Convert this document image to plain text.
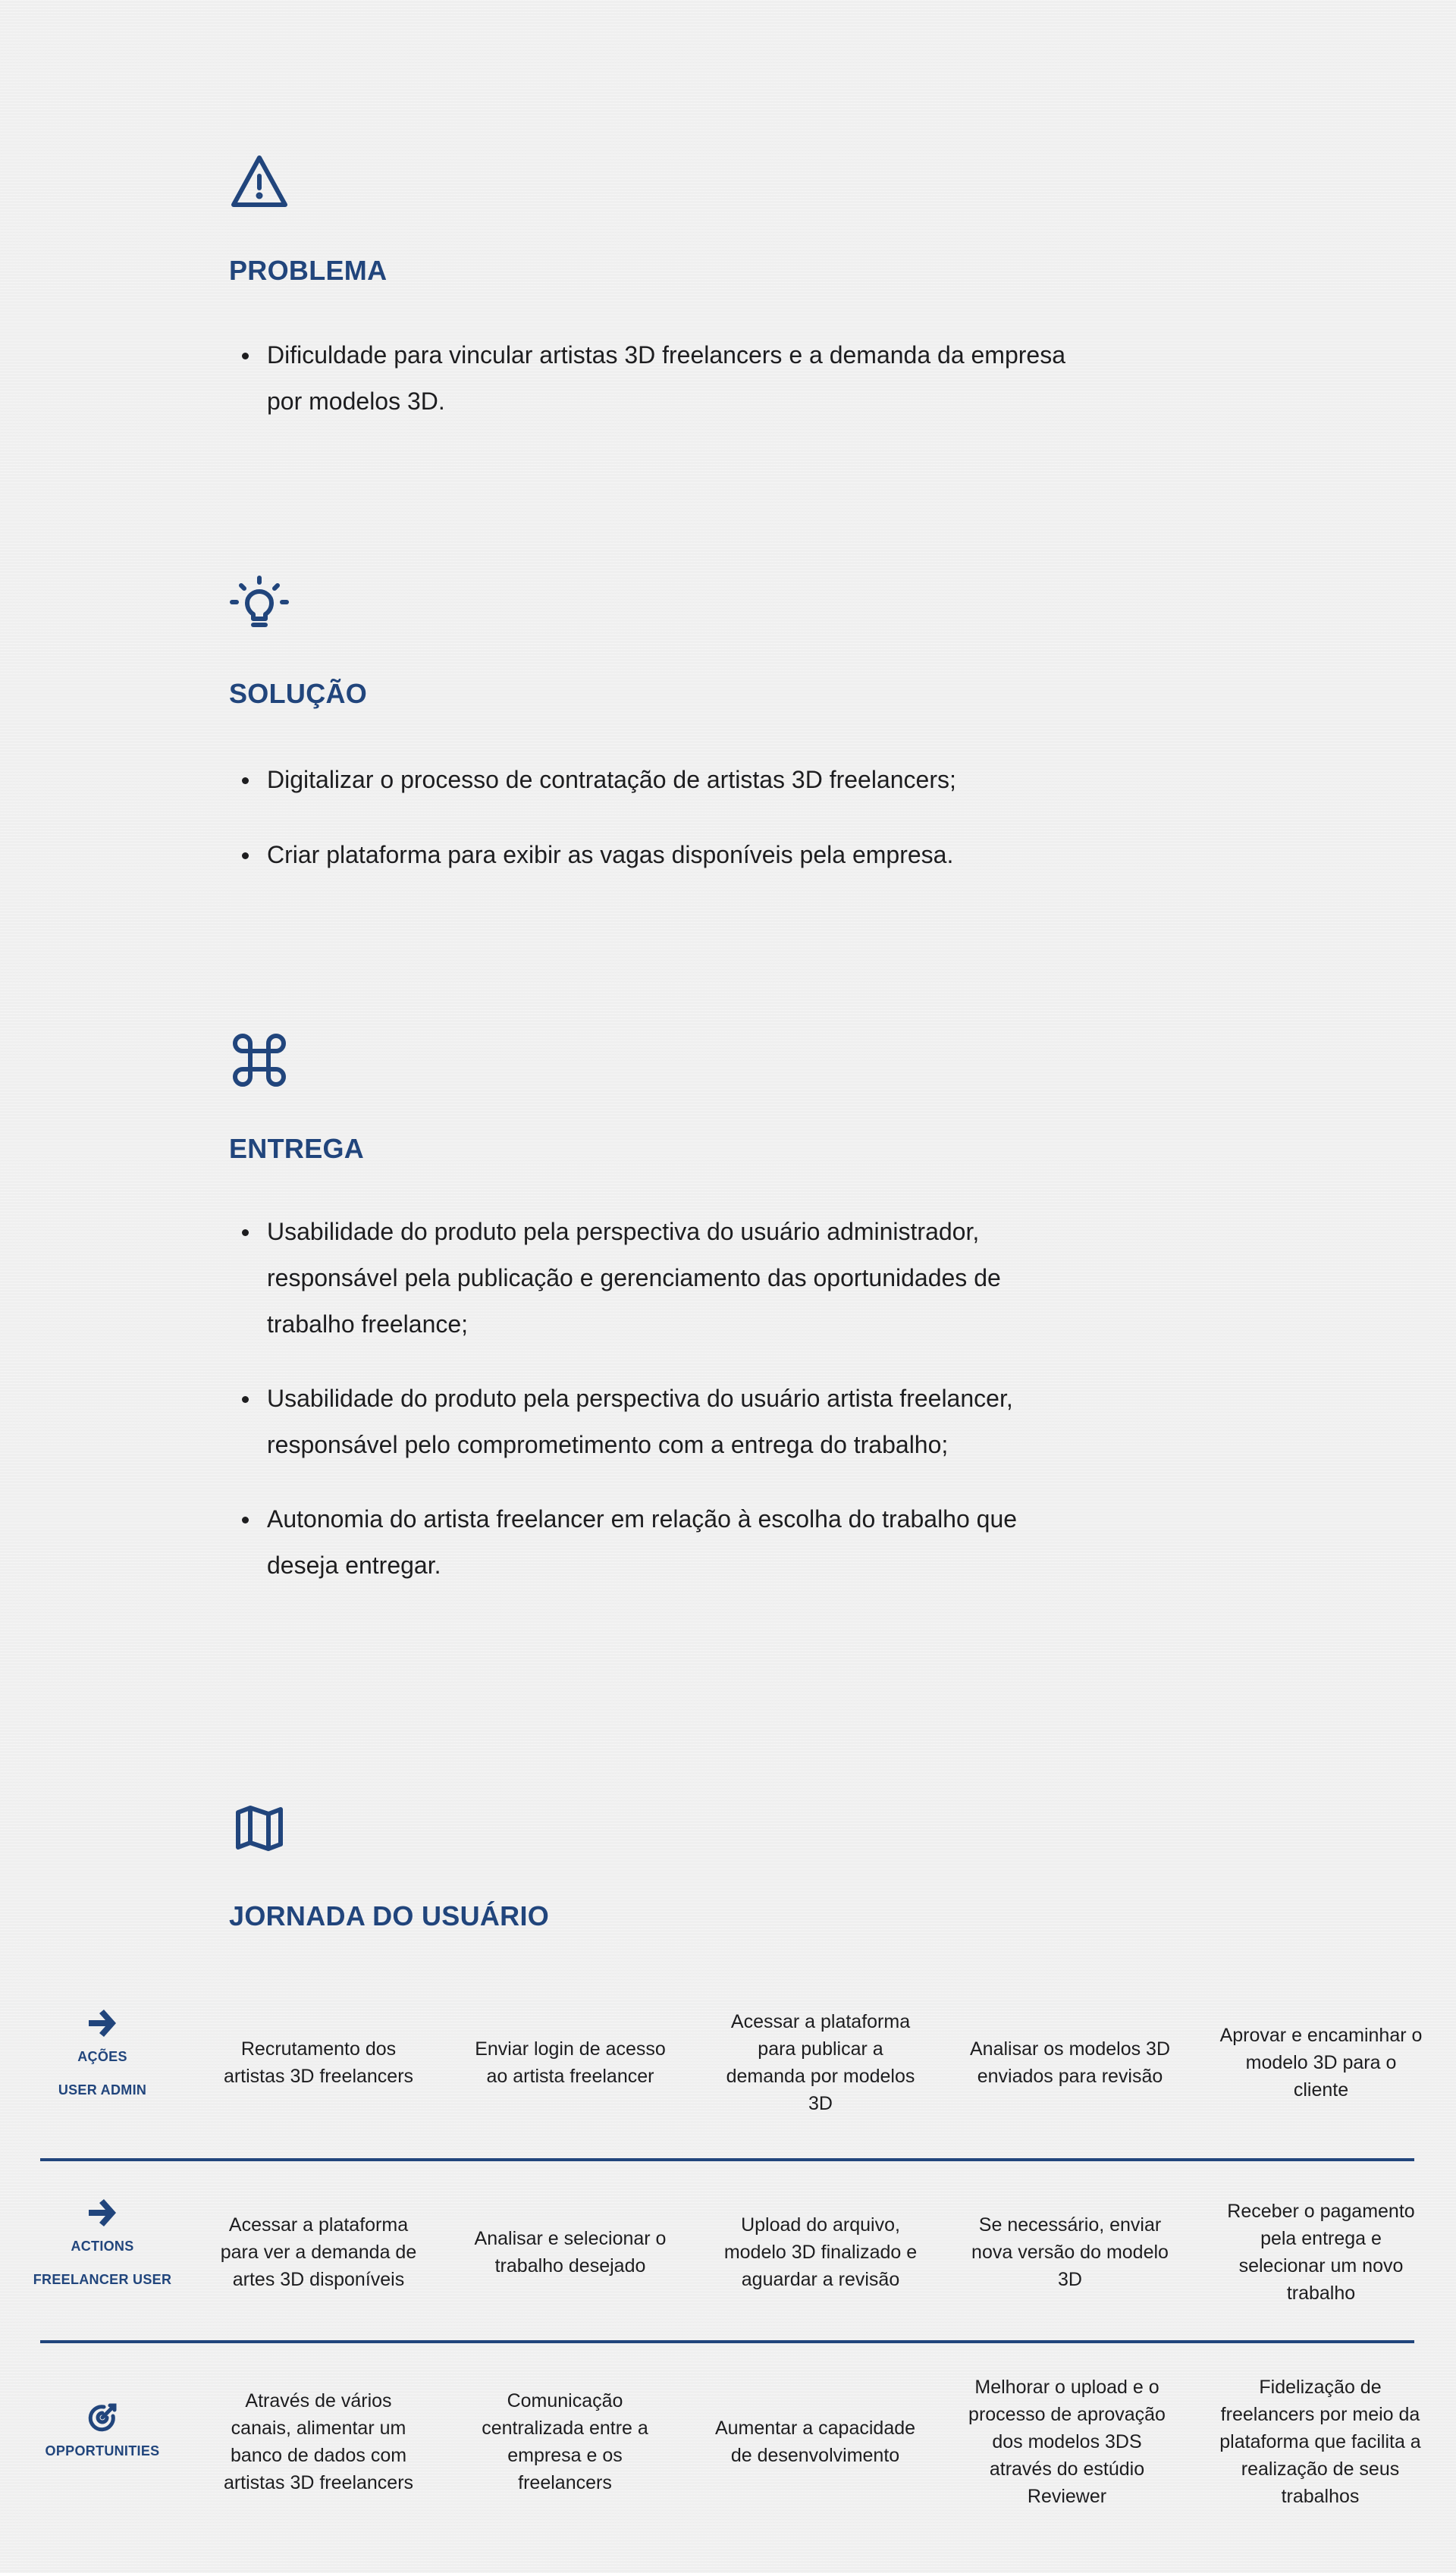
PROBLEMA
Dificuldade para vincular artistas 3D freelancers e a demanda da empresa por modelos 3D.
SOLUÇÃO
Digitalizar o processo de contratação de artistas 3D freelancers;
Criar plataforma para exibir as vagas disponíveis pela empresa.
ENTREGA
Usabilidade do produto pela perspectiva do usuário administrador, responsável pela publicação e gerenciamento das oportunidades de trabalho freelance;
Usabilidade do produto pela perspectiva do usuário artista freelancer, responsável pelo comprometimento com a entrega do trabalho;
Autonomia do artista freelancer em relação à escolha do trabalho que deseja entregar.
JORNADA DO USUÁRIO
AÇÕES
USER ADMIN
Recrutamento dos artistas 3D freelancers
Enviar login de acesso ao artista freelancer
Acessar a plataforma para publicar a demanda por modelos 3D
Analisar os modelos 3D enviados para revisão
Aprovar e encaminhar o modelo 3D para o cliente
ACTIONS
FREELANCER USER
Acessar a plataforma para ver a demanda de artes 3D disponíveis
Analisar e selecionar o trabalho desejado
Upload do arquivo, modelo 3D finalizado e aguardar a revisão
Se necessário, enviar nova versão do modelo 3D
Receber o pagamento pela entrega e selecionar um novo trabalho
OPPORTUNITIES
Através de vários canais, alimentar um banco de dados com artistas 3D freelancers
Comunicação centralizada entre a empresa e os freelancers
Aumentar a capacidade de desenvolvimento
Melhorar o upload e o processo de aprovação dos modelos 3DS através do estúdio Reviewer
Fidelização de freelancers por meio da plataforma que facilita a realização de seus trabalhos
